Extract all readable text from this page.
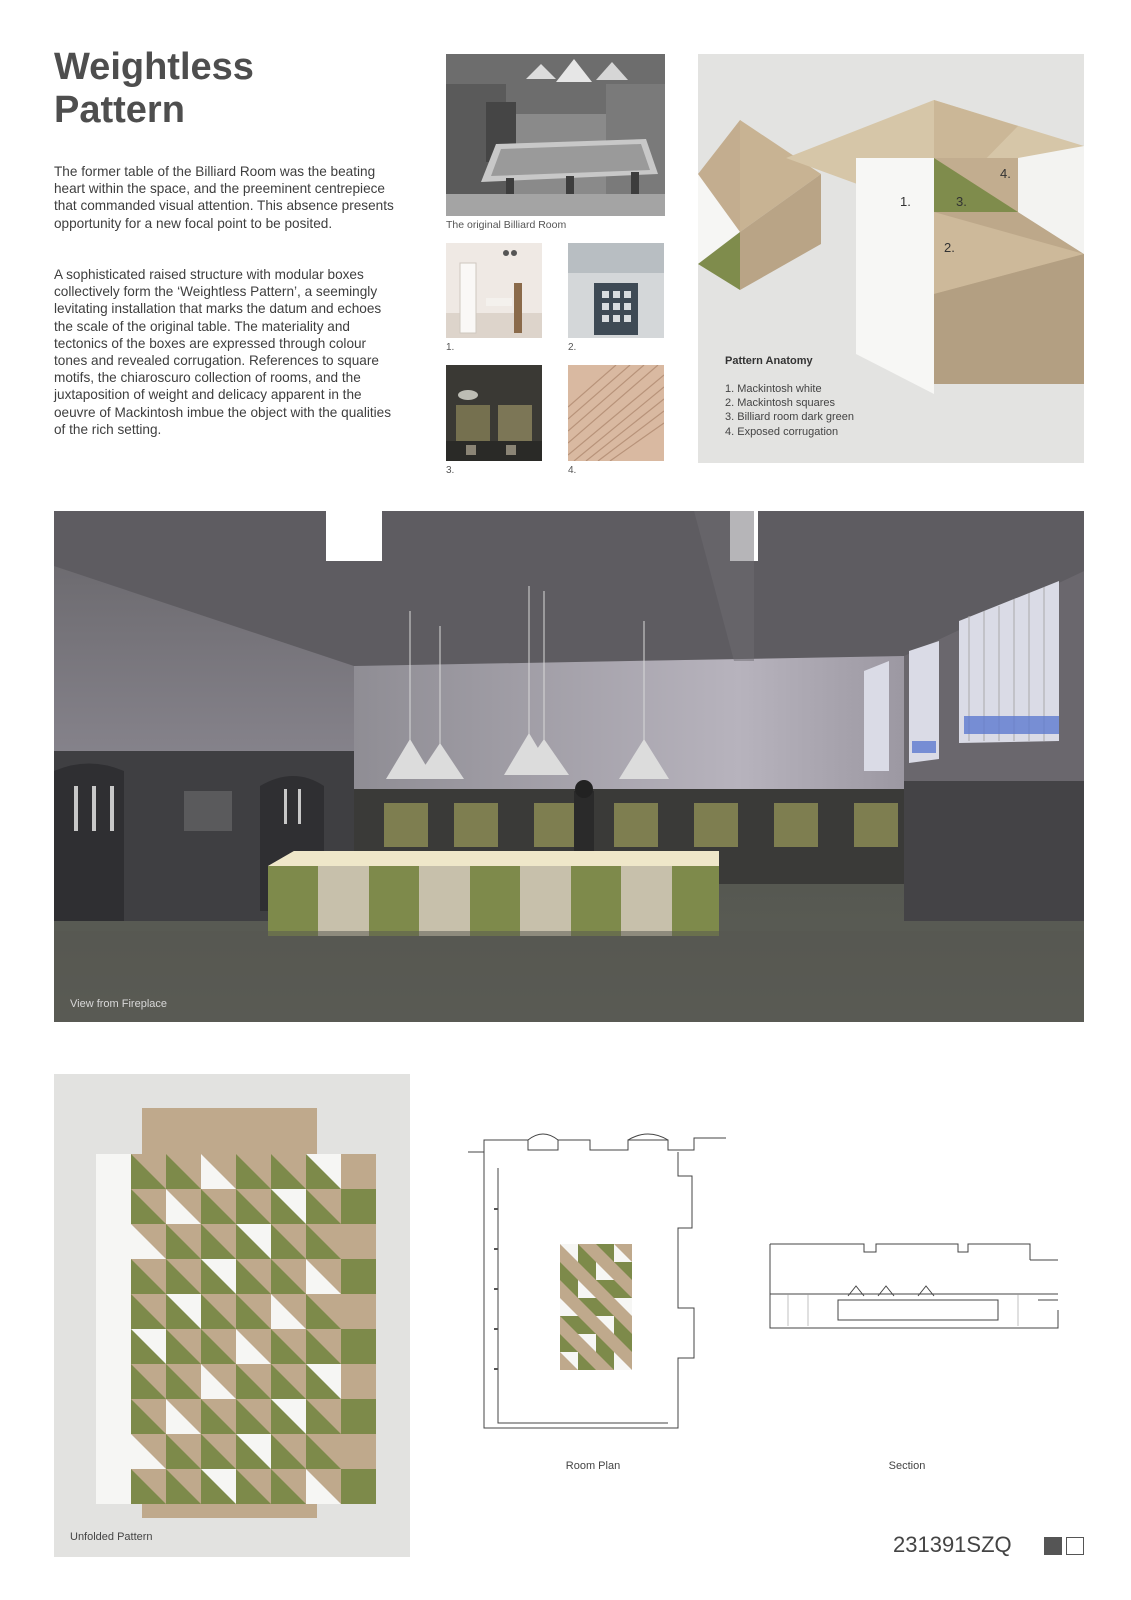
Weightless
Pattern
The former table of the Billiard Room was the beating heart within the space, and the preeminent centrepiece that commanded visual attention. This absence presents opportunity for a new focal point to be posited.
A sophisticated raised structure with modular boxes collectively form the ‘Weightless Pattern’, a seemingly levitating installation that marks the datum and echoes the scale of the original table. The materiality and tectonics of the boxes are expressed through colour tones and revealed corrugation. References to square motifs, the chiaroscuro collection of rooms, and the juxtaposition of weight and delicacy apparent in the oeuvre of Mackintosh imbue the object with the qualities of the rich setting.
The original Billiard Room
1.	2.
3.	4.
1.
2.
3.
4.
Pattern Anatomy
1. Mackintosh white
2. Mackintosh squares
3. Billiard room dark green
4. Exposed corrugation
View from Fireplace
Unfolded Pattern
Room Plan	Section
231391SZQ
